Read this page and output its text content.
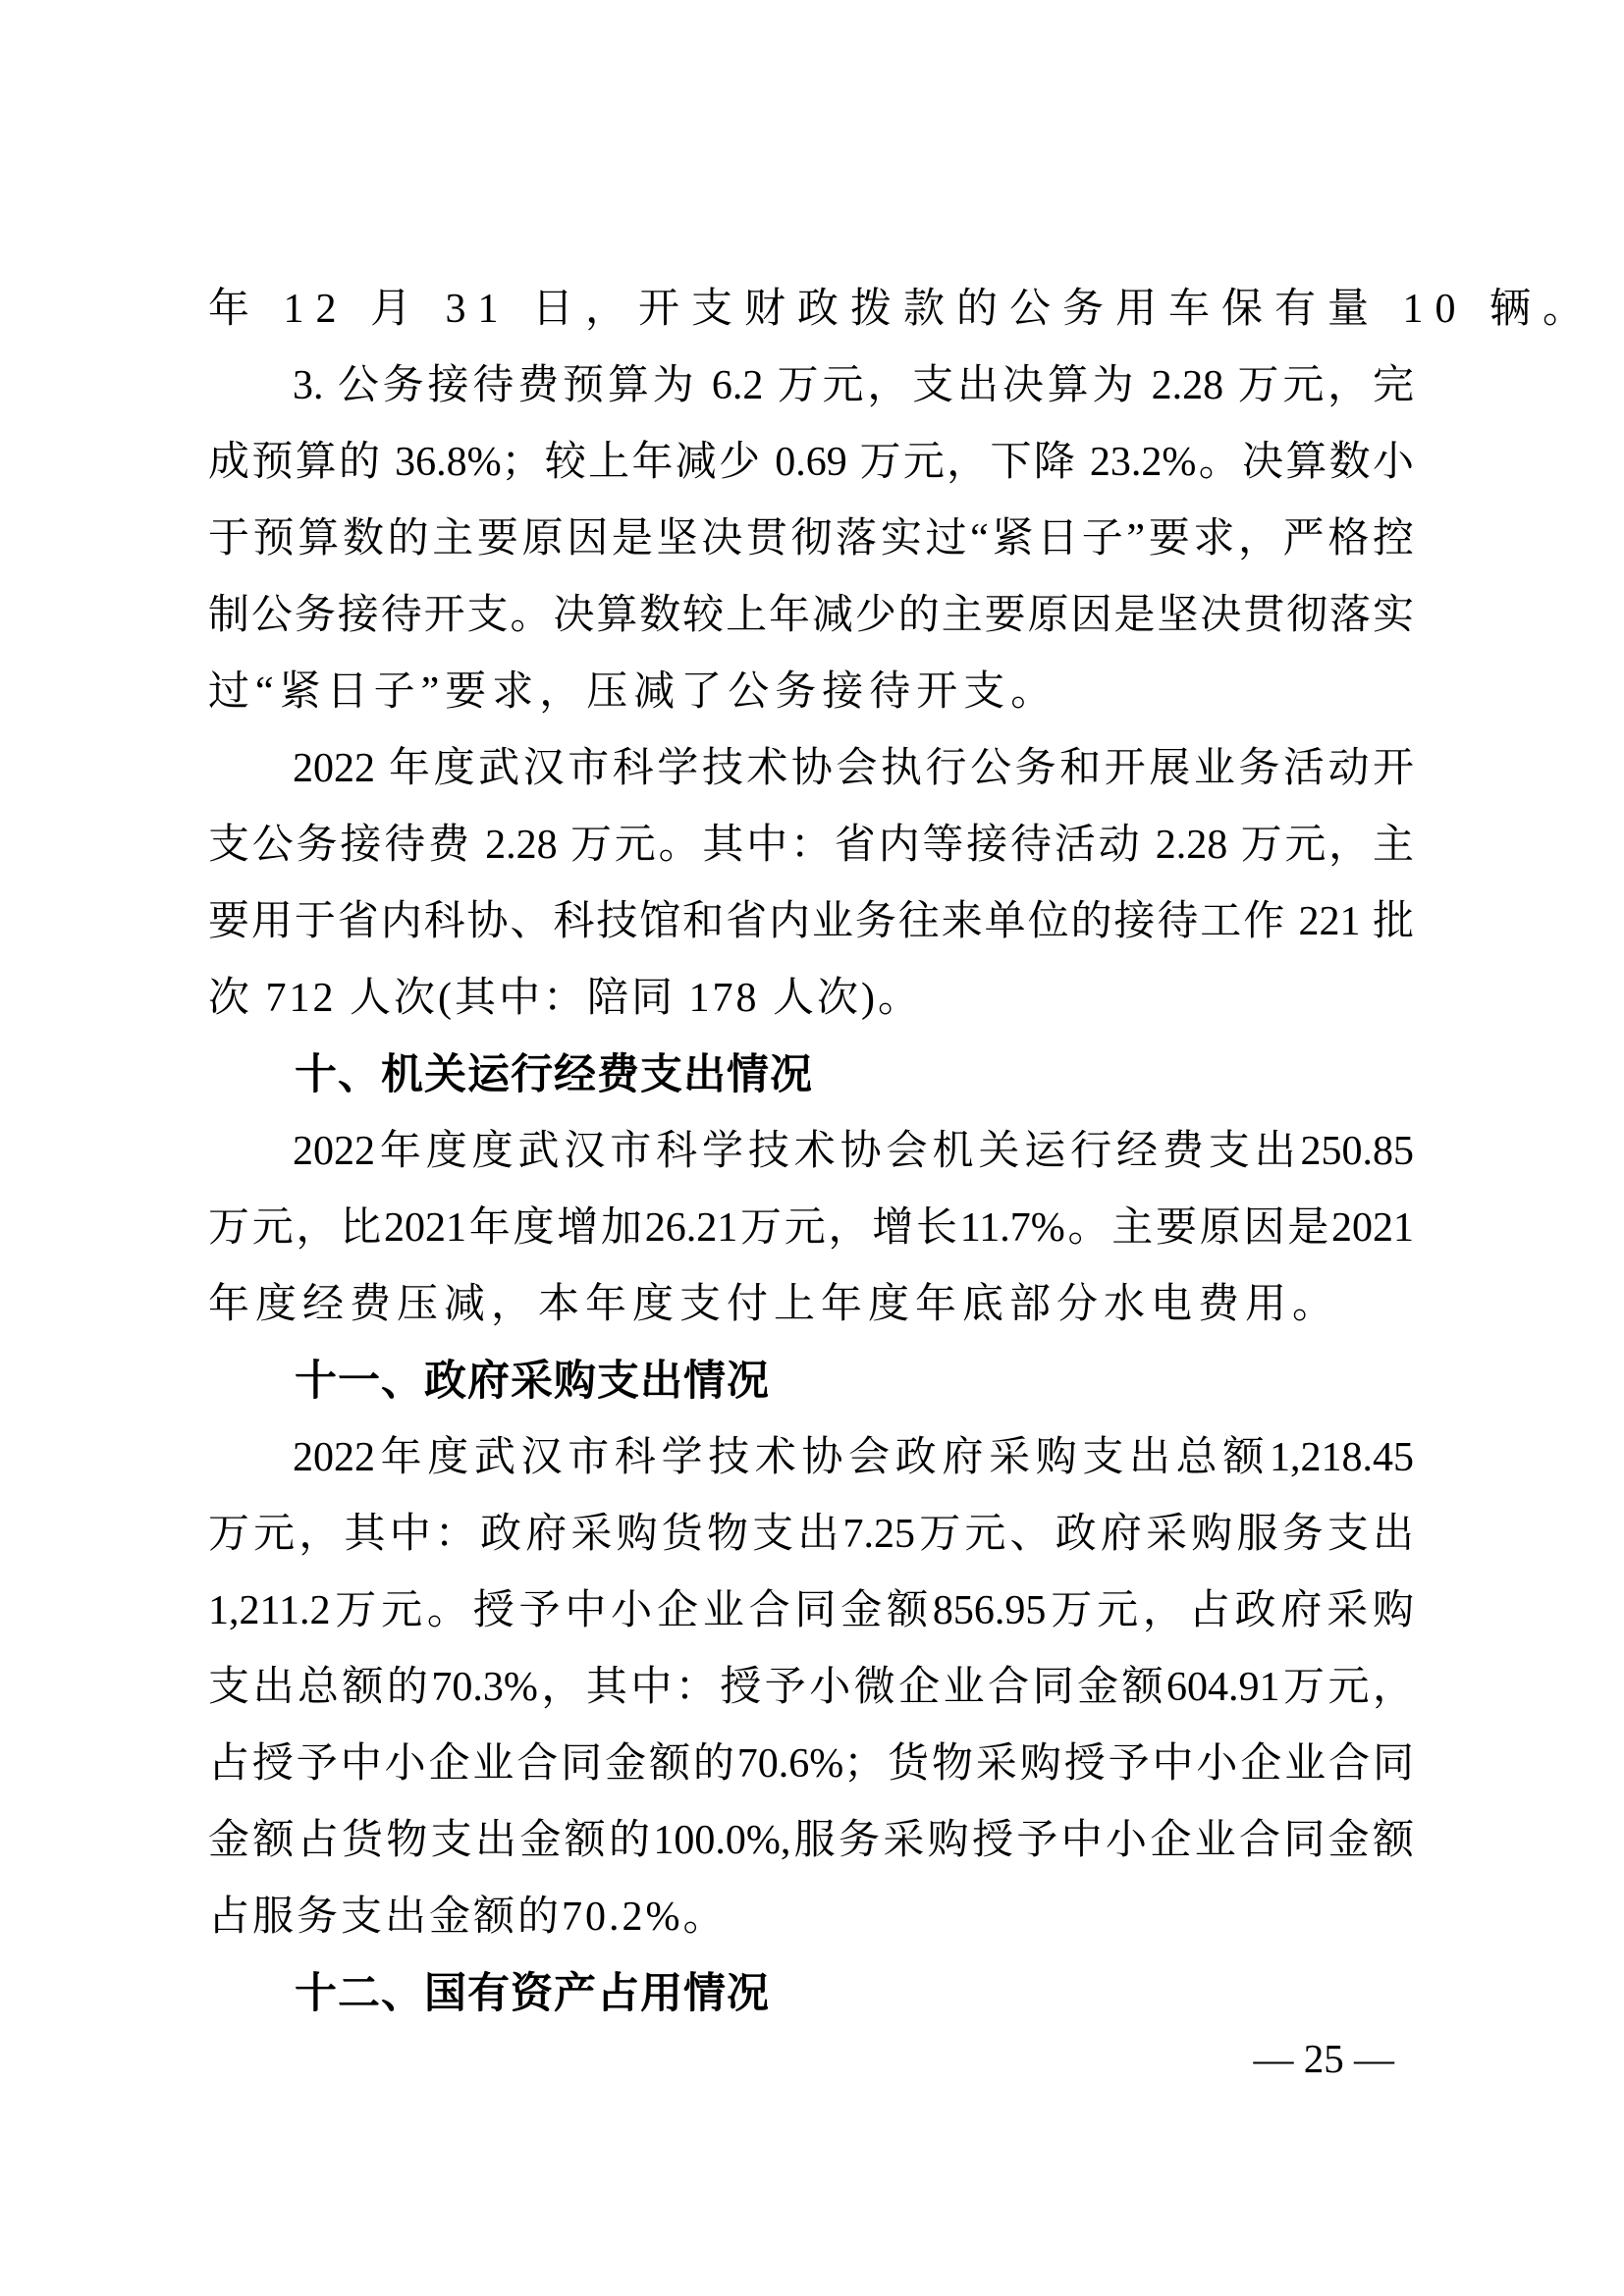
年 12 月 31 日，开支财政拨款的公务用车保有量 10 辆。
3. 公务接待费预算为 6.2 万元，支出决算为 2.28 万元，完
成预算的 36.8%；较上年减少 0.69 万元，下降 23.2%。决算数小
于预算数的主要原因是坚决贯彻落实过“紧日子”要求，严格控
制公务接待开支。决算数较上年减少的主要原因是坚决贯彻落实
过“紧日子”要求，压减了公务接待开支。
2022 年度武汉市科学技术协会执行公务和开展业务活动开
支公务接待费 2.28 万元。其中：省内等接待活动 2.28 万元，主
要用于省内科协、科技馆和省内业务往来单位的接待工作 221 批
次 712 人次(其中：陪同 178 人次)。
十、机关运行经费支出情况
2022年度度武汉市科学技术协会机关运行经费支出250.85
万元，比2021年度增加26.21万元，增长11.7%。主要原因是2021
年度经费压减，本年度支付上年度年底部分水电费用。
十一、政府采购支出情况
2022年度武汉市科学技术协会政府采购支出总额1,218.45
万元，其中：政府采购货物支出7.25万元、政府采购服务支出
1,211.2万元。授予中小企业合同金额856.95万元，占政府采购
支出总额的70.3%，其中：授予小微企业合同金额604.91万元，
占授予中小企业合同金额的70.6%；货物采购授予中小企业合同
金额占货物支出金额的100.0%,服务采购授予中小企业合同金额
占服务支出金额的70.2%。
十二、国有资产占用情况
— 25 —
